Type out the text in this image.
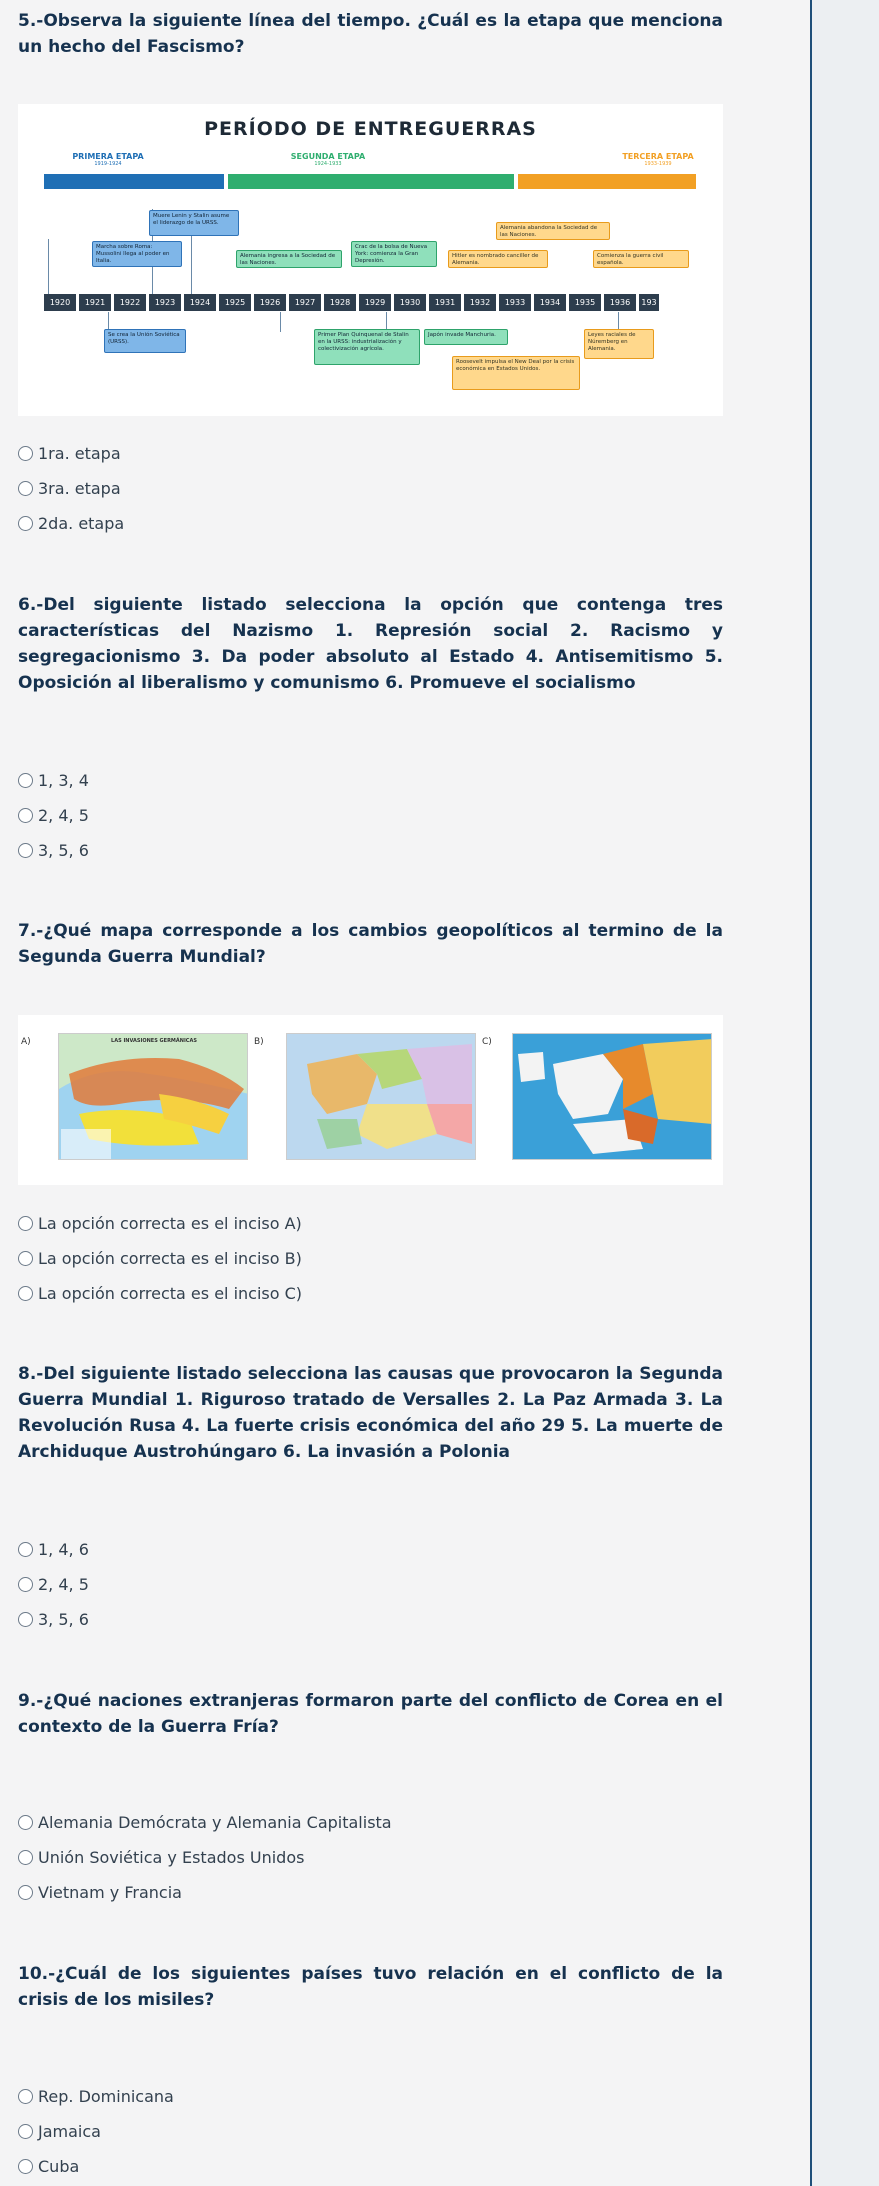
5.-Observa la siguiente línea del tiempo. ¿Cuál es la etapa que menciona un hecho del Fascismo?
PERÍODO DE ENTREGUERRAS
PRIMERA ETAPA
1919-1924
SEGUNDA ETAPA
1924-1933
TERCERA ETAPA
1933-1939
Muere Lenin y Stalin asume el liderazgo de la URSS.
Marcha sobre Roma: Mussolini llega al poder en Italia.
Alemania ingresa a la Sociedad de las Naciones.
Crac de la bolsa de Nueva York: comienza la Gran Depresión.
Alemania abandona la Sociedad de las Naciones.
Hitler es nombrado canciller de Alemania.
Comienza la guerra civil española.
1920	1921	1922	1923	1924	1925	1926	1927	1928	1929	1930	1931	1932	1933	1934	1935	1936	193
Se crea la Unión Soviética (URSS).
Primer Plan Quinquenal de Stalin en la URSS: industrialización y colectivización agrícola.
Japón invade Manchuria.
Roosevelt impulsa el New Deal por la crisis económica en Estados Unidos.
Leyes raciales de Núremberg en Alemania.
1ra. etapa
3ra. etapa
2da. etapa
6.-Del siguiente listado selecciona la opción que contenga tres características del Nazismo 1. Represión social 2. Racismo y segregacionismo 3. Da poder absoluto al Estado 4. Antisemitismo 5. Oposición al liberalismo y comunismo 6. Promueve el socialismo
1, 3, 4
2, 4, 5
3, 5, 6
7.-¿Qué mapa corresponde a los cambios geopolíticos al termino de la Segunda Guerra Mundial?
A)	LAS INVASIONES GERMÁNICAS	B)	C)
La opción correcta es el inciso A)
La opción correcta es el inciso B)
La opción correcta es el inciso C)
8.-Del siguiente listado selecciona las causas que provocaron la Segunda Guerra Mundial 1. Riguroso tratado de Versalles 2. La Paz Armada 3. La Revolución Rusa 4. La fuerte crisis económica del año 29 5. La muerte de Archiduque Austrohúngaro 6. La invasión a Polonia
1, 4, 6
2, 4, 5
3, 5, 6
9.-¿Qué naciones extranjeras formaron parte del conflicto de Corea en el contexto de la Guerra Fría?
Alemania Demócrata y Alemania Capitalista
Unión Soviética y Estados Unidos
Vietnam y Francia
10.-¿Cuál de los siguientes países tuvo relación en el conflicto de la crisis de los misiles?
Rep. Dominicana
Jamaica
Cuba
